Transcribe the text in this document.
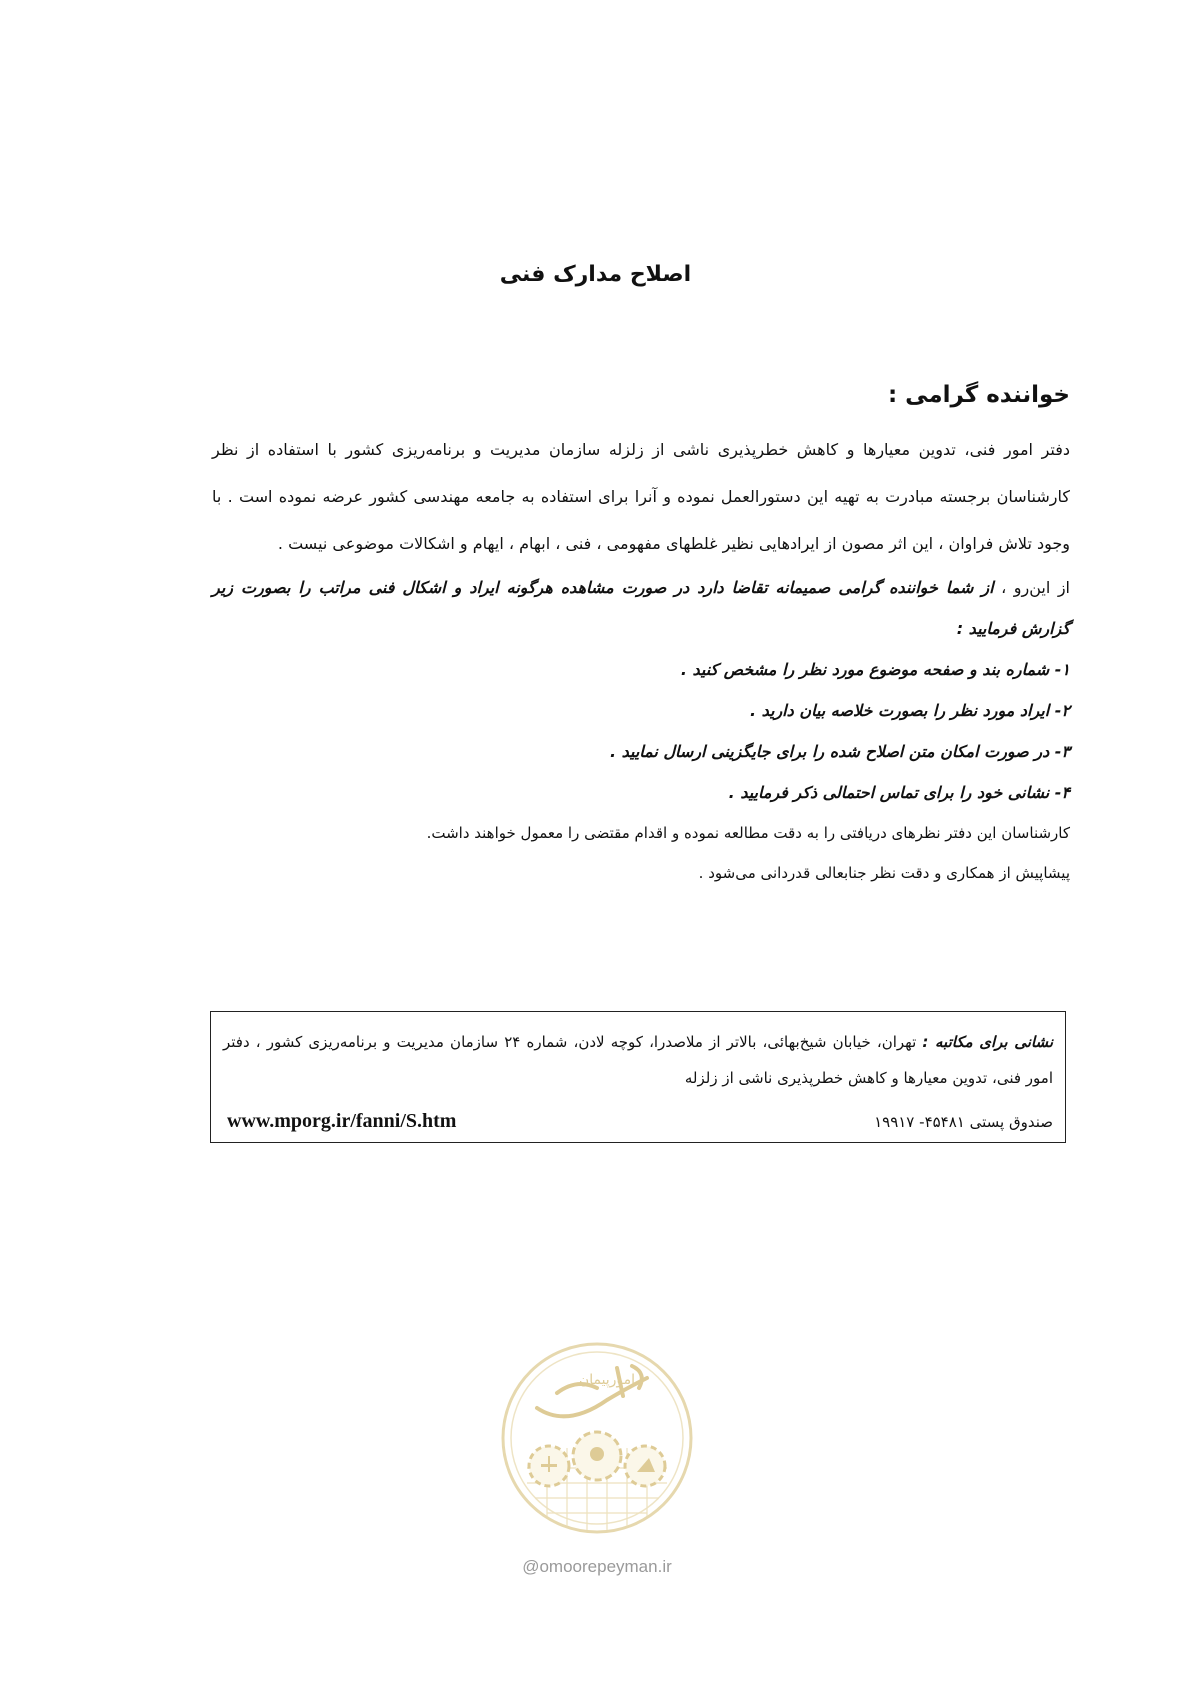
اصلاح مدارک فنی

خواننده گرامی :

دفتر امور فنی، تدوین معیارها و کاهش خطرپذیری ناشی از زلزله سازمان مدیریت و برنامه‌ریزی کشور با استفاده از نظر کارشناسان برجسته مبادرت به تهیه این دستورالعمل نموده و آنرا برای استفاده به جامعه مهندسی کشور عرضه نموده است . با وجود تلاش فراوان ، این اثر مصون از ایرادهایی نظیر غلطهای مفهومی ، فنی ، ابهام ، ایهام و اشکالات موضوعی نیست .

از این‌رو ، از شما خواننده گرامی صمیمانه تقاضا دارد در صورت مشاهده هرگونه ایراد و اشکال فنی مراتب را بصورت زیر گزارش فرمایید :

۱- شماره بند و صفحه موضوع مورد نظر را مشخص کنید .
۲- ایراد مورد نظر را بصورت خلاصه بیان دارید .
۳- در صورت امکان متن اصلاح شده را برای جایگزینی ارسال نمایید .
۴- نشانی خود را برای تماس احتمالی ذکر فرمایید .

کارشناسان این دفتر نظرهای دریافتی را به دقت مطالعه نموده و اقدام مقتضی را معمول خواهند داشت.

پیشاپیش از همکاری و دقت نظر جنابعالی قدردانی می‌شود .

نشانی برای مکاتبه : تهران، خیابان شیخ‌بهائی، بالاتر از ملاصدرا، کوچه لادن، شماره ۲۴ سازمان مدیریت و برنامه‌ریزی کشور ، دفتر امور فنی، تدوین معیارها و کاهش خطرپذیری ناشی از زلزله
صندوق پستی ۴۵۴۸۱- ۱۹۹۱۷
www.mporg.ir/fanni/S.htm
امورپیمان
@omoorepeyman.ir
